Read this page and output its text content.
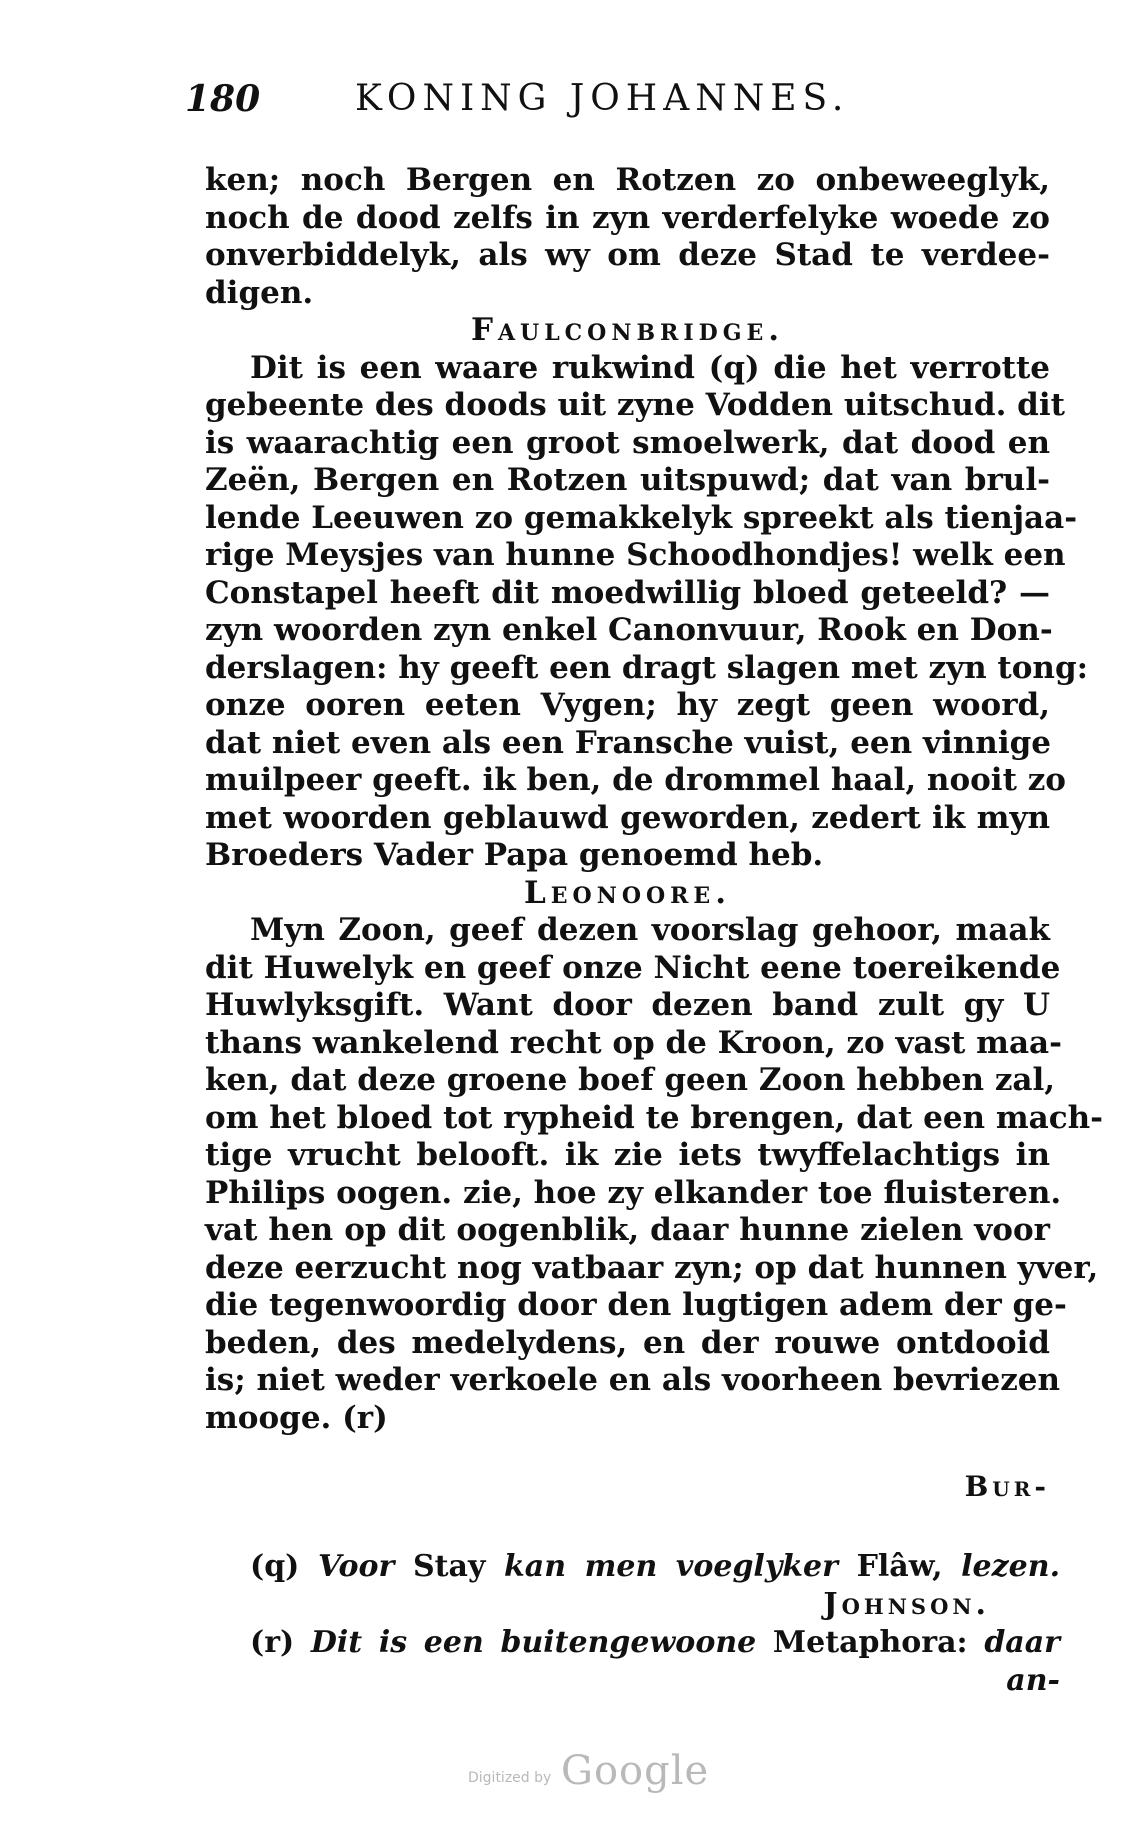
180	KONING JOHANNES.
ken; noch Bergen en Rotzen zo onbeweeglyk,
noch de dood zelfs in zyn verderfelyke woede zo
onverbiddelyk, als wy om deze Stad te verdee-
digen.
Faulconbridge.
Dit is een waare rukwind (q) die het verrotte
gebeente des doods uit zyne Vodden uitschud. dit
is waarachtig een groot smoelwerk, dat dood en
Zeën, Bergen en Rotzen uitspuwd; dat van brul-
lende Leeuwen zo gemakkelyk spreekt als tienjaa-
rige Meysjes van hunne Schoodhondjes! welk een
Constapel heeft dit moedwillig bloed geteeld? —
zyn woorden zyn enkel Canonvuur, Rook en Don-
derslagen: hy geeft een dragt slagen met zyn tong:
onze ooren eeten Vygen; hy zegt geen woord,
dat niet even als een Fransche vuist, een vinnige
muilpeer geeft. ik ben, de drommel haal, nooit zo
met woorden geblauwd geworden, zedert ik myn
Broeders Vader Papa genoemd heb.
Leonoore.
Myn Zoon, geef dezen voorslag gehoor, maak
dit Huwelyk en geef onze Nicht eene toereikende
Huwlyksgift. Want door dezen band zult gy U
thans wankelend recht op de Kroon, zo vast maa-
ken, dat deze groene boef geen Zoon hebben zal,
om het bloed tot rypheid te brengen, dat een mach-
tige vrucht belooft. ik zie iets twyffelachtigs in
Philips oogen. zie, hoe zy elkander toe fluisteren.
vat hen op dit oogenblik, daar hunne zielen voor
deze eerzucht nog vatbaar zyn; op dat hunnen yver,
die tegenwoordig door den lugtigen adem der ge-
beden, des medelydens, en der rouwe ontdooid
is; niet weder verkoele en als voorheen bevriezen
mooge. (r)
Bur-
(q) Voor Stay kan men voeglyker Flâw, lezen.
Johnson.
(r) Dit is een buitengewoone Metaphora: daar
an-
Digitized by Google
